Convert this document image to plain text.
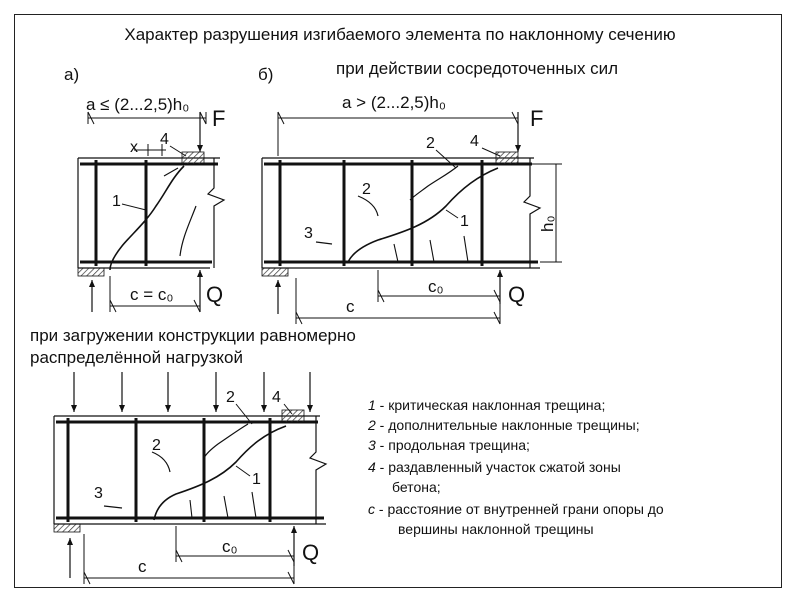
Характер разрушения изгибаемого элемента по наклонному сечению
а)
a ≤ (2...2,5)h₀
F
x 4
1
c = c₀ Q
б)	при действии сосредоточенных сил
a > (2...2,5)h₀
F
h₀
2 4
2
3
1
c₀	Q
c
при загружении конструкции равномерно
распределённой нагрузкой
2 4
2
3
1
c₀	Q
c
1 - критическая наклонная трещина;
2 - дополнительные наклонные трещины;
3 - продольная трещина;
4 - раздавленный участок сжатой зоны
бетона;
c - расстояние от внутренней грани опоры до
вершины наклонной трещины
